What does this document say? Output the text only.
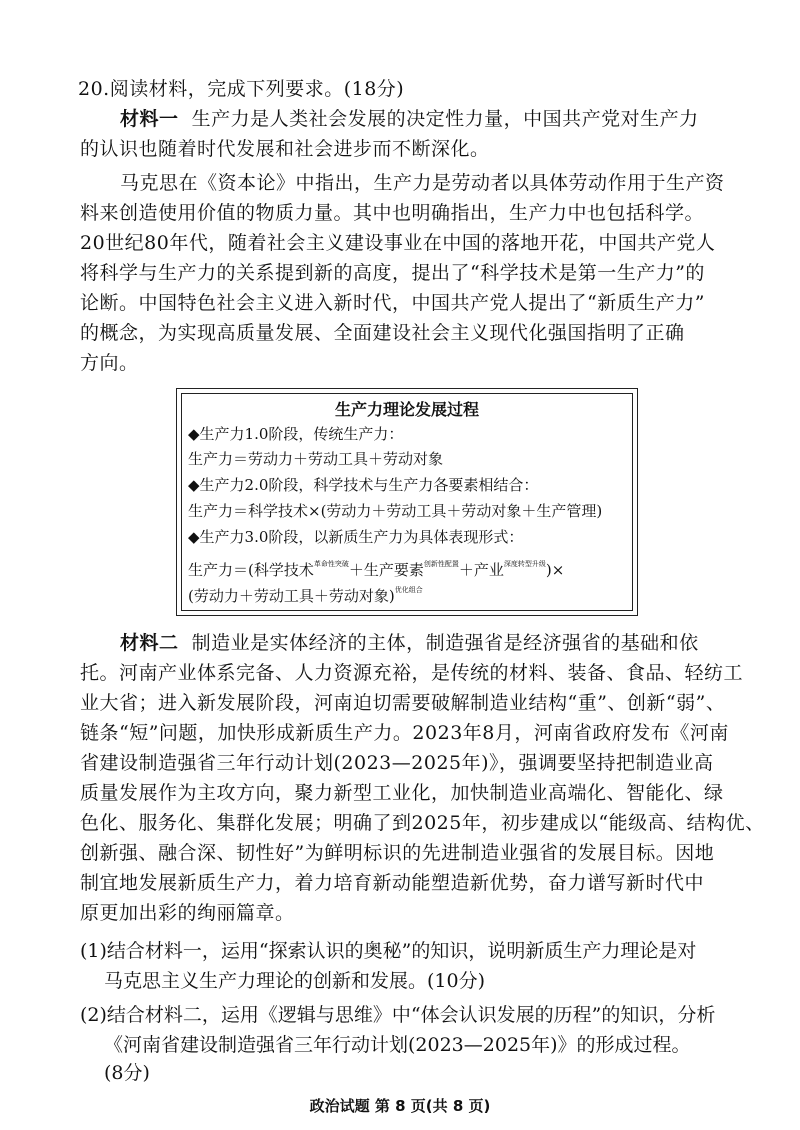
20.阅读材料，完成下列要求。(18分)
材料一 生产力是人类社会发展的决定性力量，中国共产党对生产力
的认识也随着时代发展和社会进步而不断深化。
马克思在《资本论》中指出，生产力是劳动者以具体劳动作用于生产资
料来创造使用价值的物质力量。其中也明确指出，生产力中也包括科学。
20世纪80年代，随着社会主义建设事业在中国的落地开花，中国共产党人
将科学与生产力的关系提到新的高度，提出了“科学技术是第一生产力”的
论断。中国特色社会主义进入新时代，中国共产党人提出了“新质生产力”
的概念，为实现高质量发展、全面建设社会主义现代化强国指明了正确
方向。
生产力理论发展过程
◆生产力1.0阶段，传统生产力：
生产力＝劳动力＋劳动工具＋劳动对象
◆生产力2.0阶段，科学技术与生产力各要素相结合：
生产力＝科学技术×(劳动力＋劳动工具＋劳动对象＋生产管理)
◆生产力3.0阶段，以新质生产力为具体表现形式：
生产力＝(科学技术$^{革命性突破}$＋生产要素$^{创新性配置}$＋产业$^{深度转型升级}$)×
(劳动力＋劳动工具＋劳动对象)$^{优化组合}$
材料二 制造业是实体经济的主体，制造强省是经济强省的基础和依
托。河南产业体系完备、人力资源充裕，是传统的材料、装备、食品、轻纺工
业大省；进入新发展阶段，河南迫切需要破解制造业结构“重”、创新“弱”、
链条“短”问题，加快形成新质生产力。2023年8月，河南省政府发布《河南
省建设制造强省三年行动计划(2023—2025年)》，强调要坚持把制造业高
质量发展作为主攻方向，聚力新型工业化，加快制造业高端化、智能化、绿
色化、服务化、集群化发展；明确了到2025年，初步建成以“能级高、结构优、
创新强、融合深、韧性好”为鲜明标识的先进制造业强省的发展目标。因地
制宜地发展新质生产力，着力培育新动能塑造新优势，奋力谱写新时代中
原更加出彩的绚丽篇章。
(1)结合材料一，运用“探索认识的奥秘”的知识，说明新质生产力理论是对
马克思主义生产力理论的创新和发展。(10分)
(2)结合材料二，运用《逻辑与思维》中“体会认识发展的历程”的知识，分析
《河南省建设制造强省三年行动计划(2023—2025年)》的形成过程。
(8分)
政治试题 第 8 页(共 8 页)
